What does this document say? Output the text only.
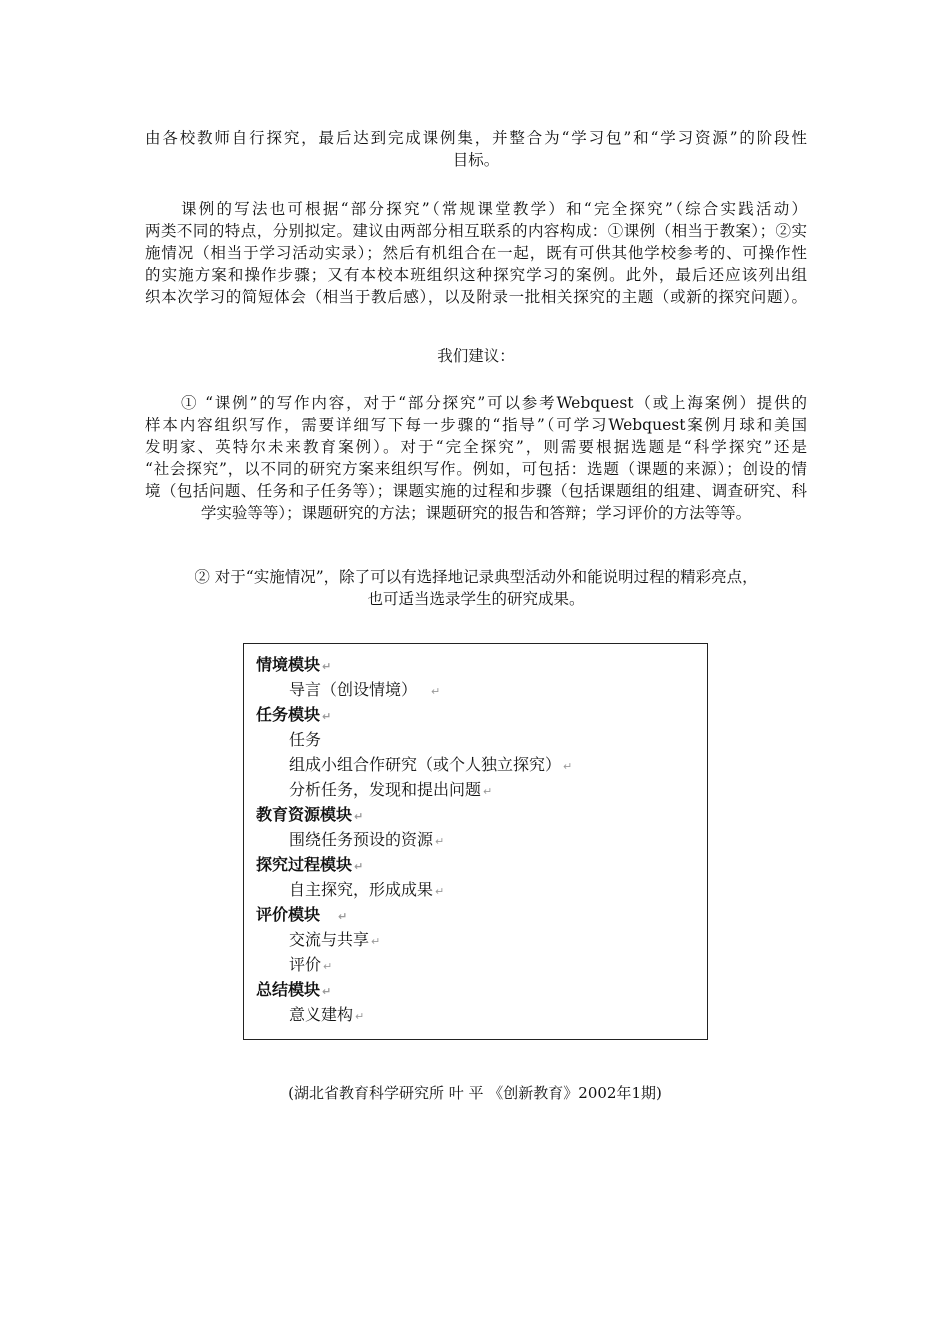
由各校教师自行探究，最后达到完成课例集，并整合为“学习包”和“学习资源”的阶段性
目标。
课例的写法也可根据“部分探究”（常规课堂教学）和“完全探究”（综合实践活动）
两类不同的特点，分别拟定。建议由两部分相互联系的内容构成：①课例（相当于教案）；②实
施情况（相当于学习活动实录）；然后有机组合在一起，既有可供其他学校参考的、可操作性
的实施方案和操作步骤；又有本校本班组织这种探究学习的案例。此外，最后还应该列出组
织本次学习的简短体会（相当于教后感），以及附录一批相关探究的主题（或新的探究问题）。
我们建议：
① “课例”的写作内容，对于“部分探究”可以参考Webquest（或上海案例）提供的
样本内容组织写作，需要详细写下每一步骤的“指导”（可学习Webquest案例月球和美国
发明家、英特尔未来教育案例）。对于“完全探究”，则需要根据选题是“科学探究”还是
“社会探究”，以不同的研究方案来组织写作。例如，可包括：选题（课题的来源）；创设的情
境（包括问题、任务和子任务等）；课题实施的过程和步骤（包括课题组的组建、调查研究、科
学实验等等）；课题研究的方法；课题研究的报告和答辩；学习评价的方法等等。
② 对于“实施情况”，除了可以有选择地记录典型活动外和能说明过程的精彩亮点，
也可适当选录学生的研究成果。
情境模块 ↵
导言（创设情境） ↵
任务模块 ↵
任务
组成小组合作研究（或个人独立探究） ↵
分析任务，发现和提出问题 ↵
教育资源模块 ↵
围绕任务预设的资源 ↵
探究过程模块 ↵
自主探究，形成成果 ↵
评价模块 ↵
交流与共享 ↵
评价 ↵
总结模块 ↵
意义建构 ↵
(湖北省教育科学研究所 叶 平 《创新教育》2002年1期)
